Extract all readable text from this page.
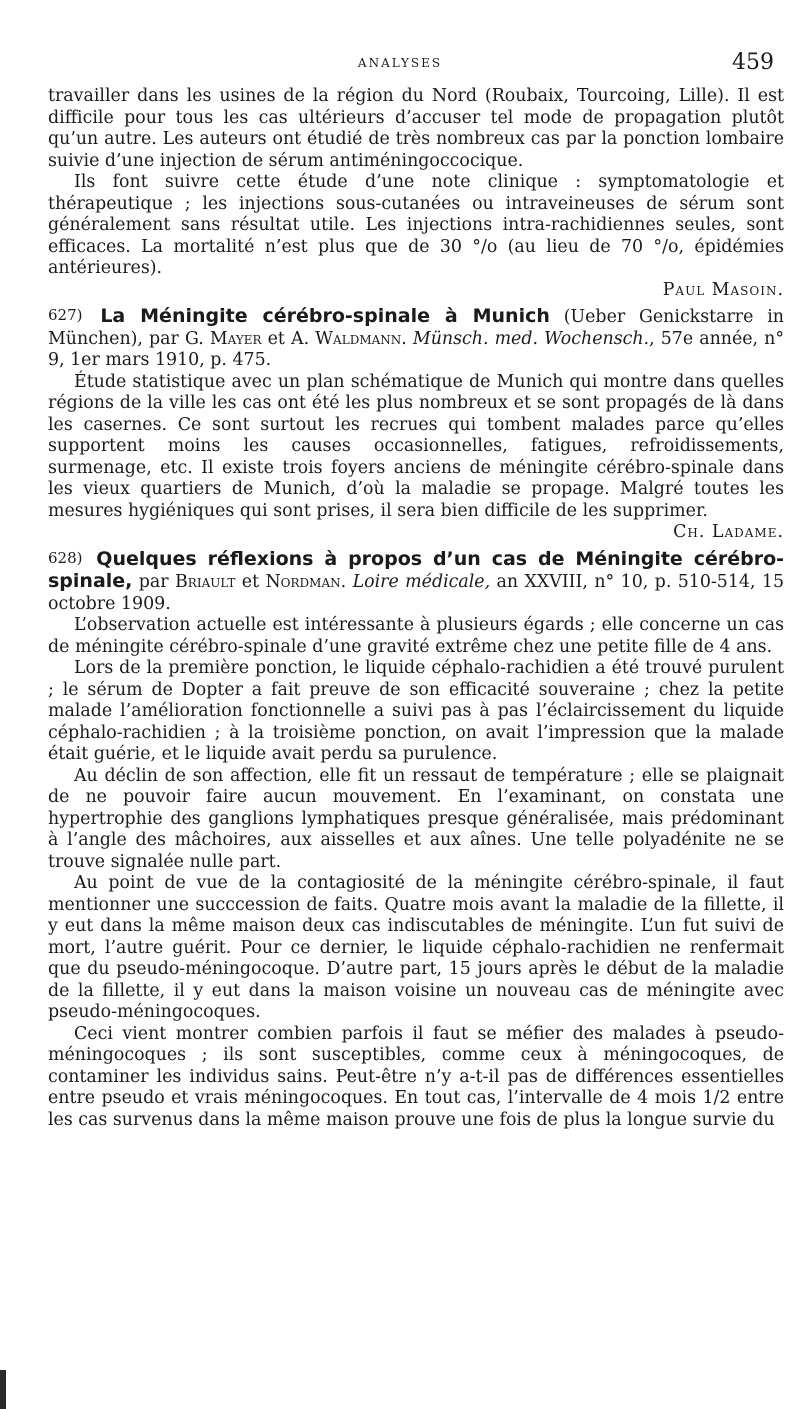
ANALYSES	459

travailler dans les usines de la région du Nord (Roubaix, Tourcoing, Lille). Il est difficile pour tous les cas ultérieurs d’accuser tel mode de propagation plutôt qu’un autre. Les auteurs ont étudié de très nombreux cas par la ponction lombaire suivie d’une injection de sérum antiméningoccocique.

Ils font suivre cette étude d’une note clinique : symptomatologie et thérapeutique ; les injections sous-cutanées ou intraveineuses de sérum sont généralement sans résultat utile. Les injections intra-rachidiennes seules, sont efficaces. La mortalité n’est plus que de 30 °/o (au lieu de 70 °/o, épidémies antérieures).

Paul Masoin.

627) La Méningite cérébro-spinale à Munich (Ueber Genickstarre in München), par G. Mayer et A. Waldmann. Münsch. med. Wochensch., 57e année, n° 9, 1er mars 1910, p. 475.

Étude statistique avec un plan schématique de Munich qui montre dans quelles régions de la ville les cas ont été les plus nombreux et se sont propagés de là dans les casernes. Ce sont surtout les recrues qui tombent malades parce qu’elles supportent moins les causes occasionnelles, fatigues, refroidissements, surmenage, etc. Il existe trois foyers anciens de méningite cérébro-spinale dans les vieux quartiers de Munich, d’où la maladie se propage. Malgré toutes les mesures hygiéniques qui sont prises, il sera bien difficile de les supprimer.

Ch. Ladame.

628) Quelques réflexions à propos d’un cas de Méningite cérébro-spinale, par Briault et Nordman. Loire médicale, an XXVIII, n° 10, p. 510-514, 15 octobre 1909.

L’observation actuelle est intéressante à plusieurs égards ; elle concerne un cas de méningite cérébro-spinale d’une gravité extrême chez une petite fille de 4 ans.

Lors de la première ponction, le liquide céphalo-rachidien a été trouvé purulent ; le sérum de Dopter a fait preuve de son efficacité souveraine ; chez la petite malade l’amélioration fonctionnelle a suivi pas à pas l’éclaircissement du liquide céphalo-rachidien ; à la troisième ponction, on avait l’impression que la malade était guérie, et le liquide avait perdu sa purulence.

Au déclin de son affection, elle fit un ressaut de température ; elle se plaignait de ne pouvoir faire aucun mouvement. En l’examinant, on constata une hypertrophie des ganglions lymphatiques presque généralisée, mais prédominant à l’angle des mâchoires, aux aisselles et aux aînes. Une telle polyadénite ne se trouve signalée nulle part.

Au point de vue de la contagiosité de la méningite cérébro-spinale, il faut mentionner une succcession de faits. Quatre mois avant la maladie de la fillette, il y eut dans la même maison deux cas indiscutables de méningite. L’un fut suivi de mort, l’autre guérit. Pour ce dernier, le liquide céphalo-rachidien ne renfermait que du pseudo-méningocoque. D’autre part, 15 jours après le début de la maladie de la fillette, il y eut dans la maison voisine un nouveau cas de méningite avec pseudo-méningocoques.

Ceci vient montrer combien parfois il faut se méfier des malades à pseudo-méningocoques ; ils sont susceptibles, comme ceux à méningocoques, de contaminer les individus sains. Peut-être n’y a-t-il pas de différences essentielles entre pseudo et vrais méningocoques. En tout cas, l’intervalle de 4 mois 1/2 entre les cas survenus dans la même maison prouve une fois de plus la longue survie du
